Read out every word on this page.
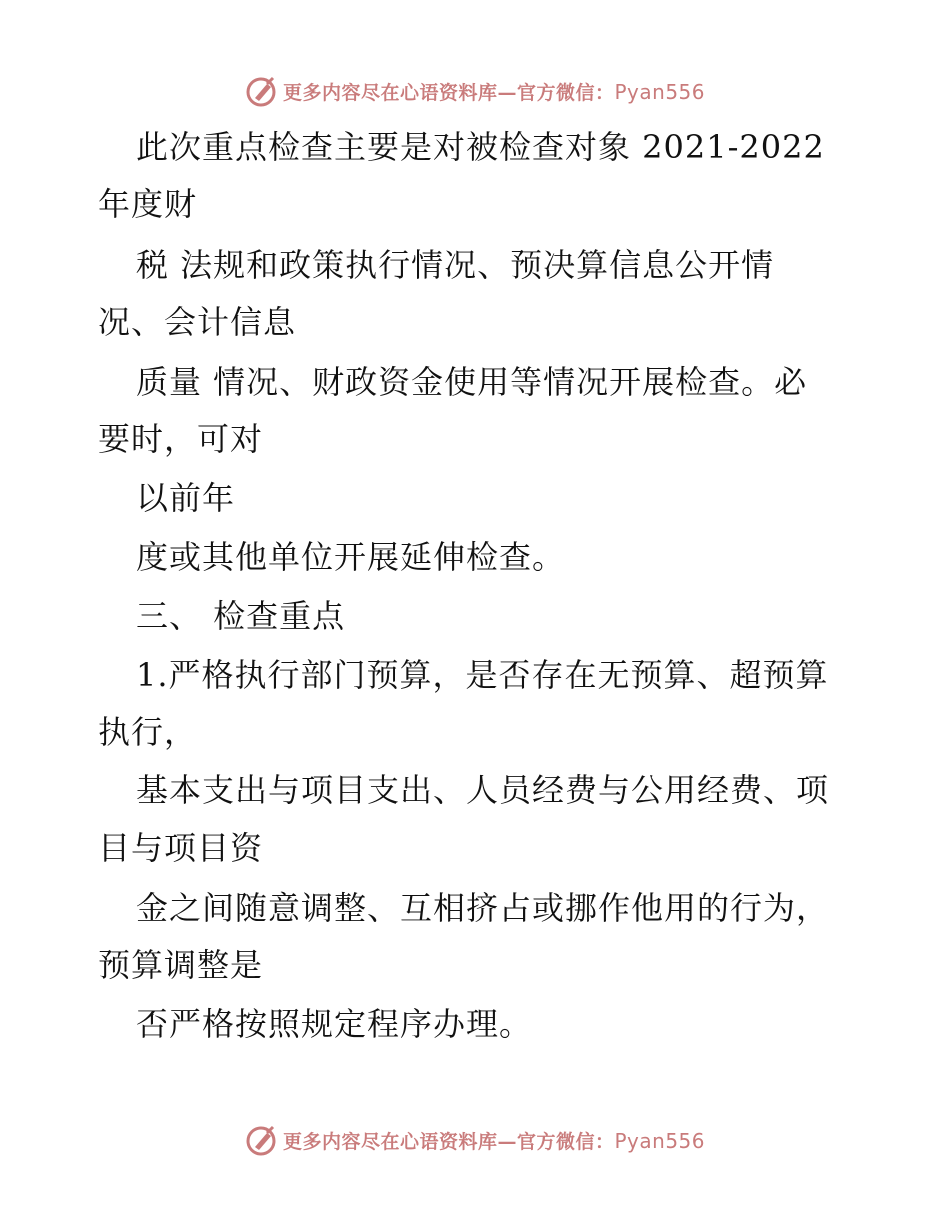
更多内容尽在心语资料库—官方微信：Pyan556
此次重点检查主要是对被检查对象 2021-2022
年度财
税 法规和政策执行情况、预决算信息公开情
况、会计信息
质量 情况、财政资金使用等情况开展检查。必
要时，可对
以前年
度或其他单位开展延伸检查。
三、 检查重点
1.严格执行部门预算，是否存在无预算、超预算
执行，
基本支出与项目支出、人员经费与公用经费、项
目与项目资
金之间随意调整、互相挤占或挪作他用的行为，
预算调整是
否严格按照规定程序办理。
更多内容尽在心语资料库—官方微信：Pyan556
